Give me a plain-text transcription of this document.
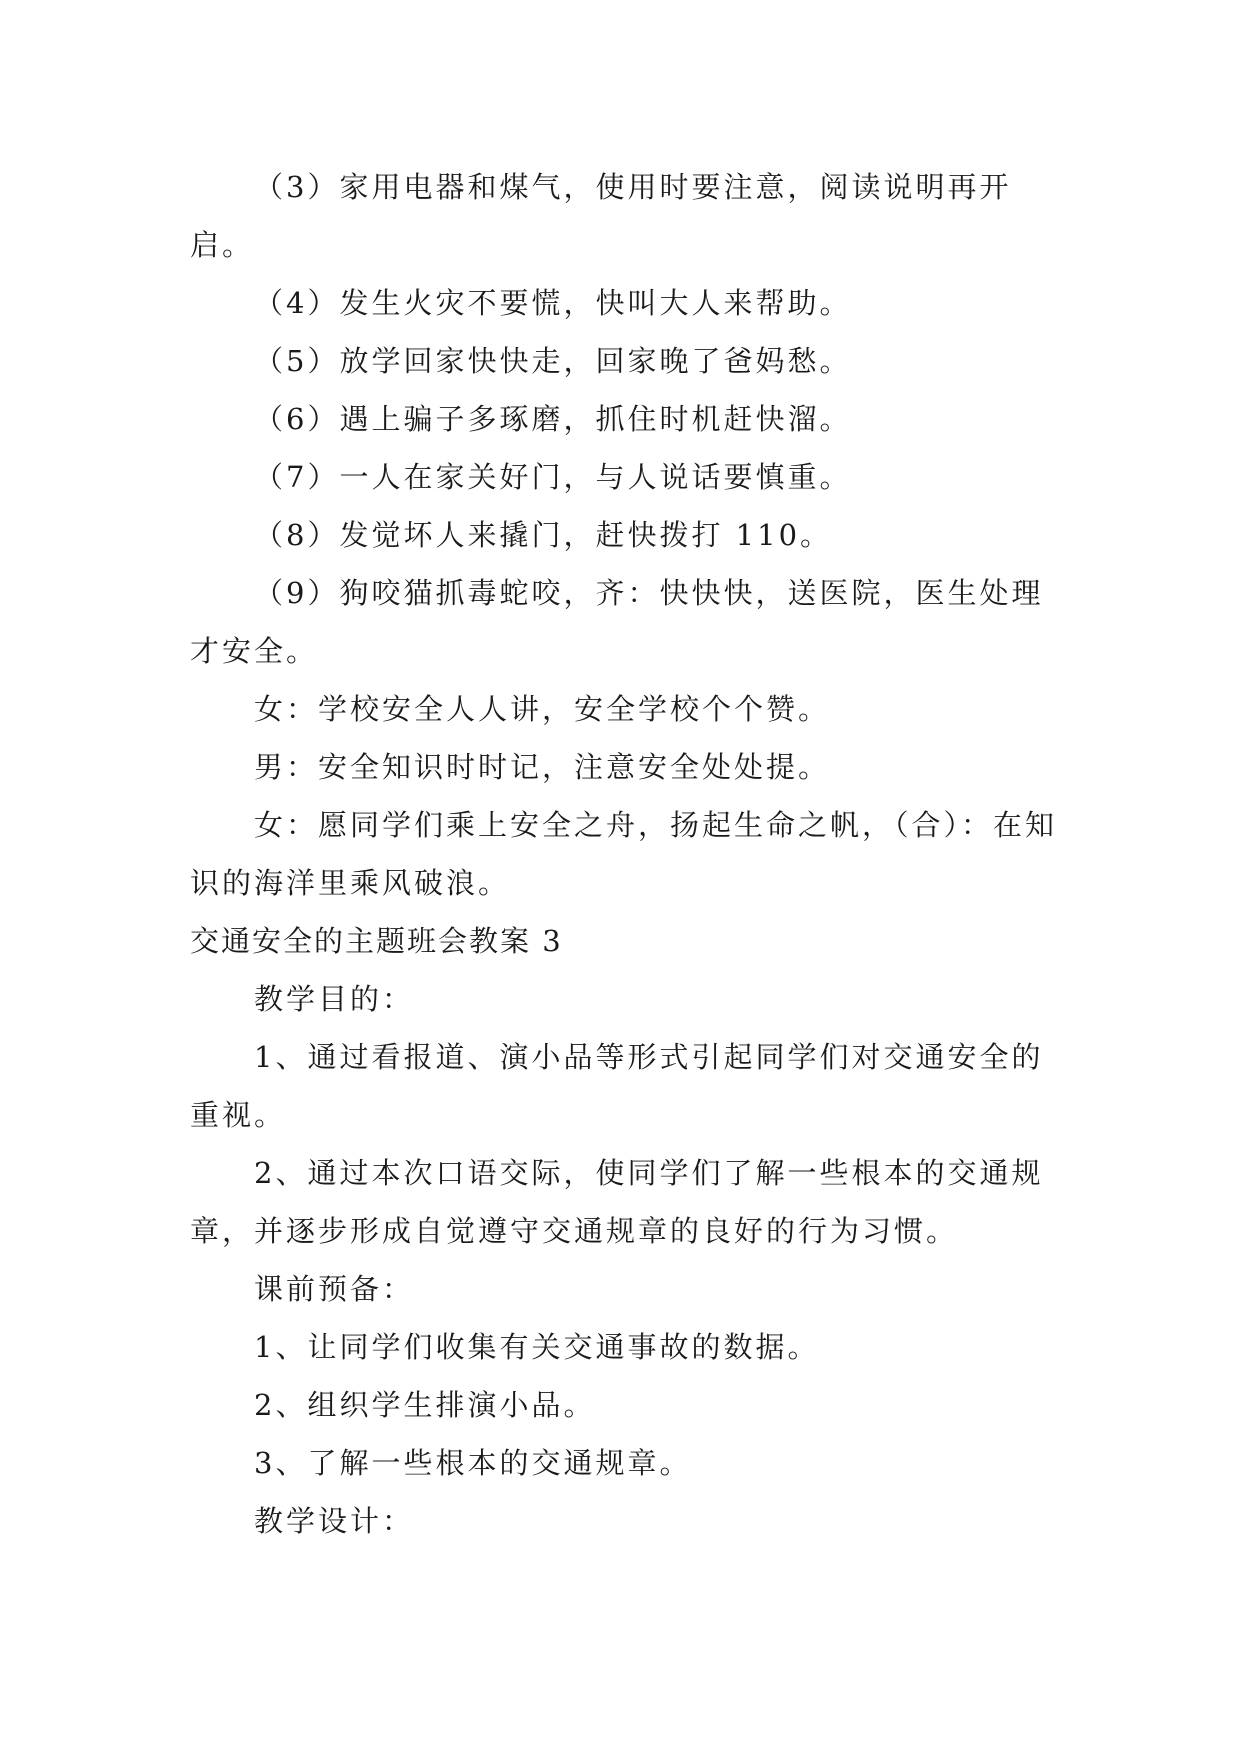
（3）家用电器和煤气，使用时要注意，阅读说明再开启。

（4）发生火灾不要慌，快叫大人来帮助。

（5）放学回家快快走，回家晚了爸妈愁。

（6）遇上骗子多琢磨，抓住时机赶快溜。

（7）一人在家关好门，与人说话要慎重。

（8）发觉坏人来撬门，赶快拨打 110。

（9）狗咬猫抓毒蛇咬，齐：快快快，送医院，医生处理才安全。

女：学校安全人人讲，安全学校个个赞。

男：安全知识时时记，注意安全处处提。

女：愿同学们乘上安全之舟，扬起生命之帆，（合）：在知识的海洋里乘风破浪。

交通安全的主题班会教案 3

教学目的：

1、通过看报道、演小品等形式引起同学们对交通安全的重视。

2、通过本次口语交际，使同学们了解一些根本的交通规章，并逐步形成自觉遵守交通规章的良好的行为习惯。

课前预备：

1、让同学们收集有关交通事故的数据。

2、组织学生排演小品。

3、了解一些根本的交通规章。

教学设计：
